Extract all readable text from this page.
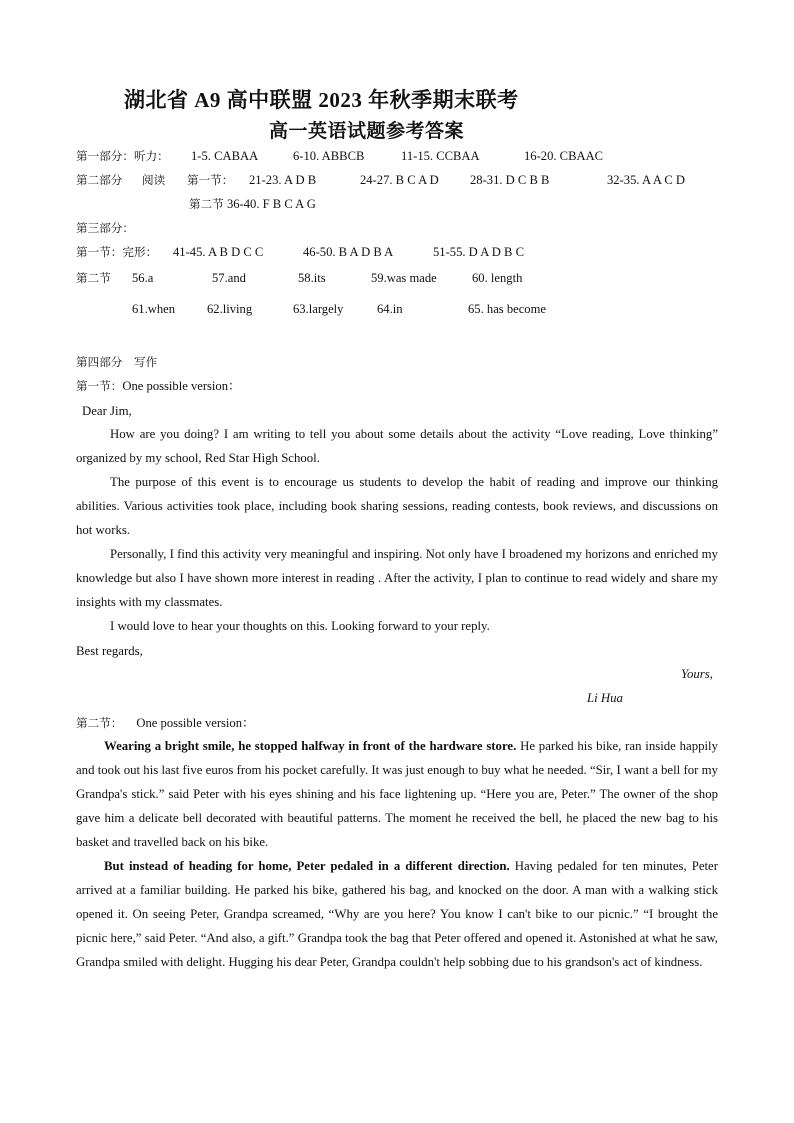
湖北省 A9 高中联盟 2023 年秋季期末联考
高一英语试题参考答案
第一部分：听力： 1-5. CABAA	6-10. ABBCB	11-15. CCBAA	16-20. CBAAC
第二部分 阅读 第一节： 21-23. A D B	24-27. B C A D 28-31. D C B B	32-35. A A C D
第二节 36-40. F B C A G
第三部分：
第一节：完形： 41-45. A B D C C	46-50. B A D B A	51-55. D A D B C
第二节 56.a	57.and	58.its	59.was made	60. length
61.when	62.living	63.largely	64.in	65. has become
第四部分　写作
第一节：One possible version：
Dear Jim,
How are you doing? I am writing to tell you about some details about the activity “Love reading, Love thinking” organized by my school, Red Star High School.
The purpose of this event is to encourage us students to develop the habit of reading and improve our thinking abilities. Various activities took place, including book sharing sessions, reading contests, book reviews, and discussions on hot works.
Personally, I find this activity very meaningful and inspiring. Not only have I broadened my horizons and enriched my knowledge but also I have shown more interest in reading . After the activity, I plan to continue to read widely and share my insights with my classmates.
I would love to hear your thoughts on this. Looking forward to your reply.
Best regards,
Yours,
Li Hua
第二节： One possible version：
Wearing a bright smile, he stopped halfway in front of the hardware store. He parked his bike, ran inside happily and took out his last five euros from his pocket carefully. It was just enough to buy what he needed. “Sir, I want a bell for my Grandpa's stick.” said Peter with his eyes shining and his face lightening up. “Here you are, Peter.” The owner of the shop gave him a delicate bell decorated with beautiful patterns. The moment he received the bell, he placed the new bag to his basket and travelled back on his bike.
But instead of heading for home, Peter pedaled in a different direction. Having pedaled for ten minutes, Peter arrived at a familiar building. He parked his bike, gathered his bag, and knocked on the door. A man with a walking stick opened it. On seeing Peter, Grandpa screamed, “Why are you here? You know I can't bike to our picnic.” “I brought the picnic here,” said Peter. “And also, a gift.” Grandpa took the bag that Peter offered and opened it. Astonished at what he saw, Grandpa smiled with delight. Hugging his dear Peter, Grandpa couldn't help sobbing due to his grandson's act of kindness.
